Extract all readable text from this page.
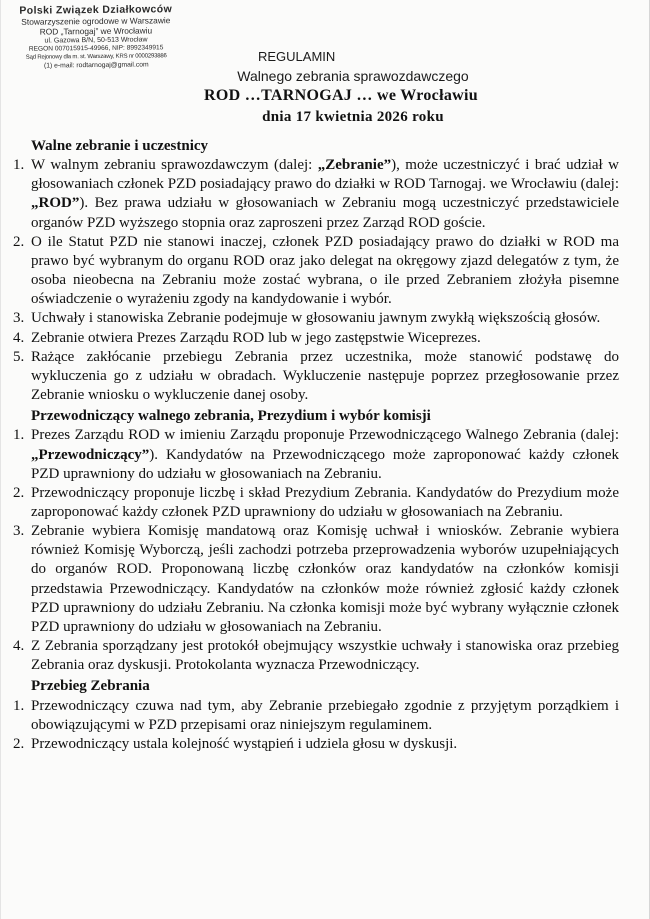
Polski Związek Działkowców
Stowarzyszenie ogrodowe w Warszawie
ROD „Tarnogaj” we Wrocławiu
ul. Gazowa B/N, 50-513 Wrocław
REGON 007015915-49966, NIP: 8992349915
Sąd Rejonowy dla m. st. Warszawy, KRS nr 0000293886
(1) e-mail: rodtarnogaj@gmail.com
REGULAMIN
Walnego zebrania sprawozdawczego
ROD …TARNOGAJ … we Wrocławiu
dnia 17 kwietnia 2026 roku
Walne zebranie i uczestnicy
1. W walnym zebraniu sprawozdawczym (dalej: „Zebranie”), może uczestniczyć i brać udział w głosowaniach członek PZD posiadający prawo do działki w ROD Tarnogaj. we Wrocławiu (dalej: „ROD”). Bez prawa udziału w głosowaniach w Zebraniu mogą uczestniczyć przedstawiciele organów PZD wyższego stopnia oraz zaproszeni przez Zarząd ROD goście.
2. O ile Statut PZD nie stanowi inaczej, członek PZD posiadający prawo do działki w ROD ma prawo być wybranym do organu ROD oraz jako delegat na okręgowy zjazd delegatów z tym, że osoba nieobecna na Zebraniu może zostać wybrana, o ile przed Zebraniem złożyła pisemne oświadczenie o wyrażeniu zgody na kandydowanie i wybór.
3. Uchwały i stanowiska Zebranie podejmuje w głosowaniu jawnym zwykłą większością głosów.
4. Zebranie otwiera Prezes Zarządu ROD lub w jego zastępstwie Wiceprezes.
5. Rażące zakłócanie przebiegu Zebrania przez uczestnika, może stanowić podstawę do wykluczenia go z udziału w obradach. Wykluczenie następuje poprzez przegłosowanie przez Zebranie wniosku o wykluczenie danej osoby.
Przewodniczący walnego zebrania, Prezydium i wybór komisji
1. Prezes Zarządu ROD w imieniu Zarządu proponuje Przewodniczącego Walnego Zebrania (dalej: „Przewodniczący”). Kandydatów na Przewodniczącego może zaproponować każdy członek PZD uprawniony do udziału w głosowaniach na Zebraniu.
2. Przewodniczący proponuje liczbę i skład Prezydium Zebrania. Kandydatów do Prezydium może zaproponować każdy członek PZD uprawniony do udziału w głosowaniach na Zebraniu.
3. Zebranie wybiera Komisję mandatową oraz Komisję uchwał i wniosków. Zebranie wybiera również Komisję Wyborczą, jeśli zachodzi potrzeba przeprowadzenia wyborów uzupełniających do organów ROD. Proponowaną liczbę członków oraz kandydatów na członków komisji przedstawia Przewodniczący. Kandydatów na członków może również zgłosić każdy członek PZD uprawniony do udziału Zebraniu. Na członka komisji może być wybrany wyłącznie członek PZD uprawniony do udziału w głosowaniach na Zebraniu.
4. Z Zebrania sporządzany jest protokół obejmujący wszystkie uchwały i stanowiska oraz przebieg Zebrania oraz dyskusji. Protokolanta wyznacza Przewodniczący.
Przebieg Zebrania
1. Przewodniczący czuwa nad tym, aby Zebranie przebiegało zgodnie z przyjętym porządkiem i obowiązującymi w PZD przepisami oraz niniejszym regulaminem.
2. Przewodniczący ustala kolejność wystąpień i udziela głosu w dyskusji.
